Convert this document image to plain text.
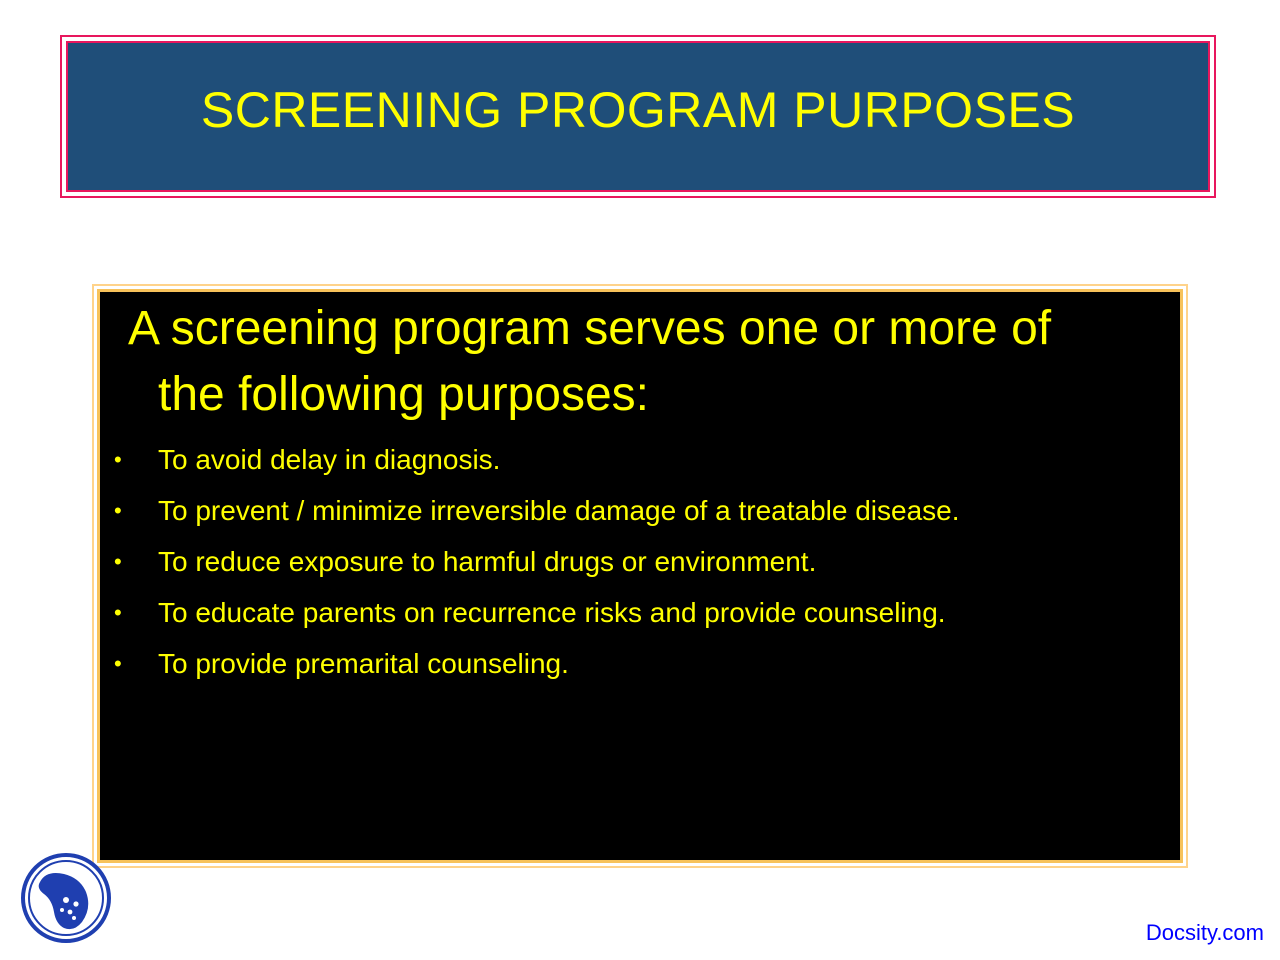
SCREENING PROGRAM PURPOSES
A screening program serves one or more of
the following purposes:
• To avoid delay in diagnosis.
• To prevent / minimize irreversible damage of a treatable disease.
• To reduce exposure to harmful drugs or environment.
• To educate parents on recurrence risks and provide counseling.
• To provide premarital counseling.
Docsity.com
